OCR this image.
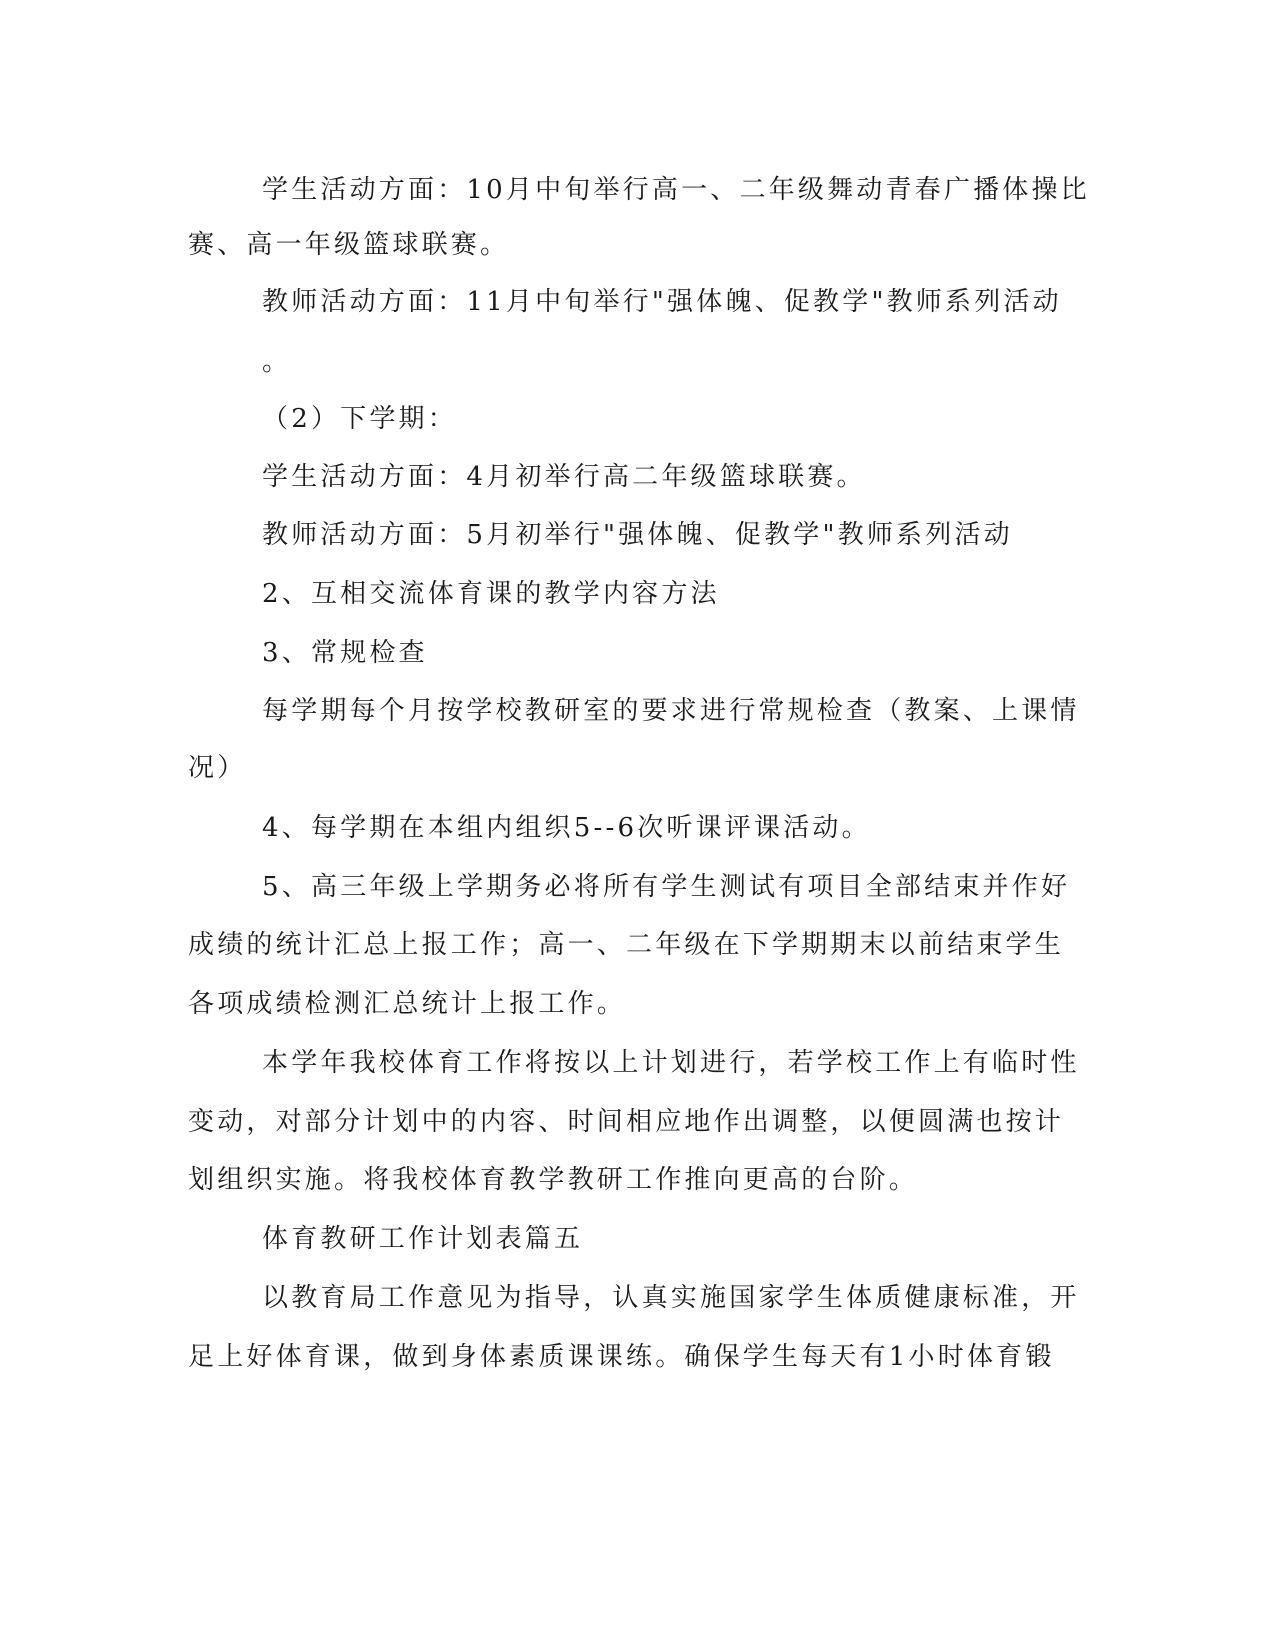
学生活动方面：10月中旬举行高一、二年级舞动青春广播体操比
赛、高一年级篮球联赛。
教师活动方面：11月中旬举行"强体魄、促教学"教师系列活动
。
（2）下学期：
学生活动方面：4月初举行高二年级篮球联赛。
教师活动方面：5月初举行"强体魄、促教学"教师系列活动
2、互相交流体育课的教学内容方法
3、常规检查
每学期每个月按学校教研室的要求进行常规检查（教案、上课情
况）
4、每学期在本组内组织5--6次听课评课活动。
5、高三年级上学期务必将所有学生测试有项目全部结束并作好
成绩的统计汇总上报工作；高一、二年级在下学期期末以前结束学生
各项成绩检测汇总统计上报工作。
本学年我校体育工作将按以上计划进行，若学校工作上有临时性
变动，对部分计划中的内容、时间相应地作出调整，以便圆满也按计
划组织实施。将我校体育教学教研工作推向更高的台阶。
体育教研工作计划表篇五
以教育局工作意见为指导，认真实施国家学生体质健康标准，开
足上好体育课，做到身体素质课课练。确保学生每天有1小时体育锻
